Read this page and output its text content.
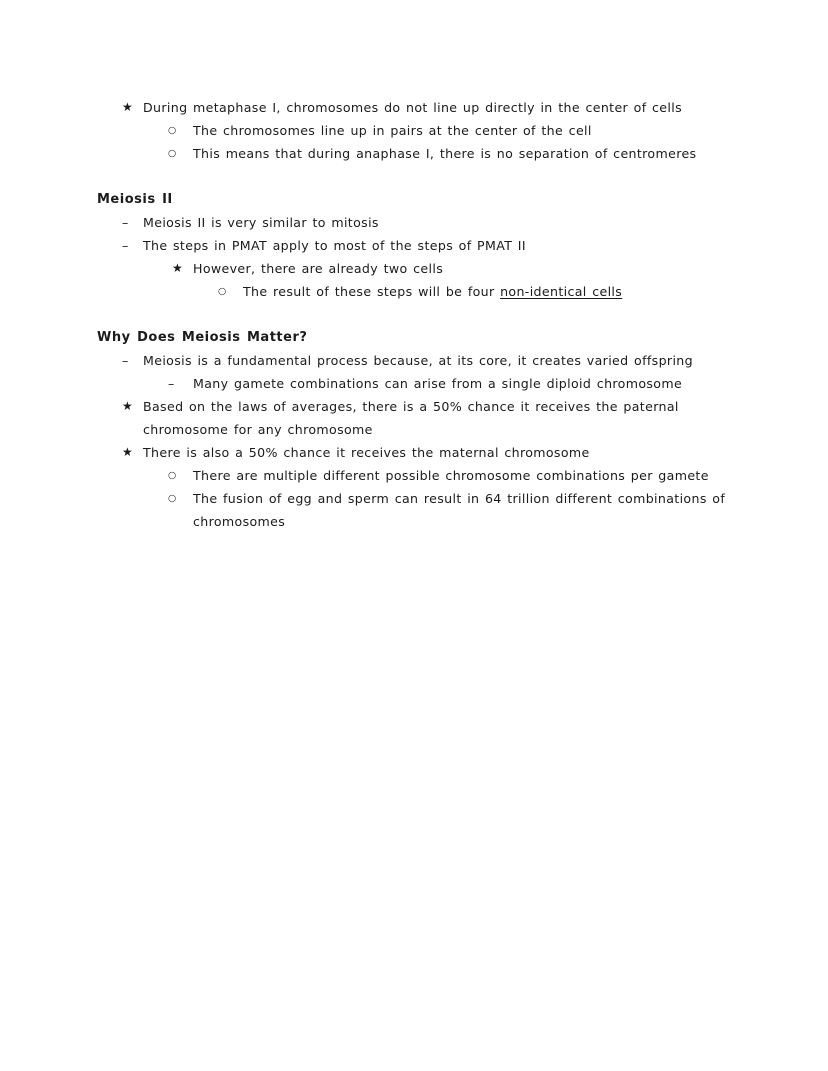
★ During metaphase I, chromosomes do not line up directly in the center of cells
○	The chromosomes line up in pairs at the center of the cell
○	This means that during anaphase I, there is no separation of centromeres
Meiosis II
–	Meiosis II is very similar to mitosis
–	The steps in PMAT apply to most of the steps of PMAT II
★ However, there are already two cells
○	The result of these steps will be four non-identical cells
Why Does Meiosis Matter?
–	Meiosis is a fundamental process because, at its core, it creates varied offspring
–	Many gamete combinations can arise from a single diploid chromosome
★ Based on the laws of averages, there is a 50% chance it receives the paternal chromosome for any chromosome
★ There is also a 50% chance it receives the maternal chromosome
○	There are multiple different possible chromosome combinations per gamete
○	The fusion of egg and sperm can result in 64 trillion different combinations of chromosomes
